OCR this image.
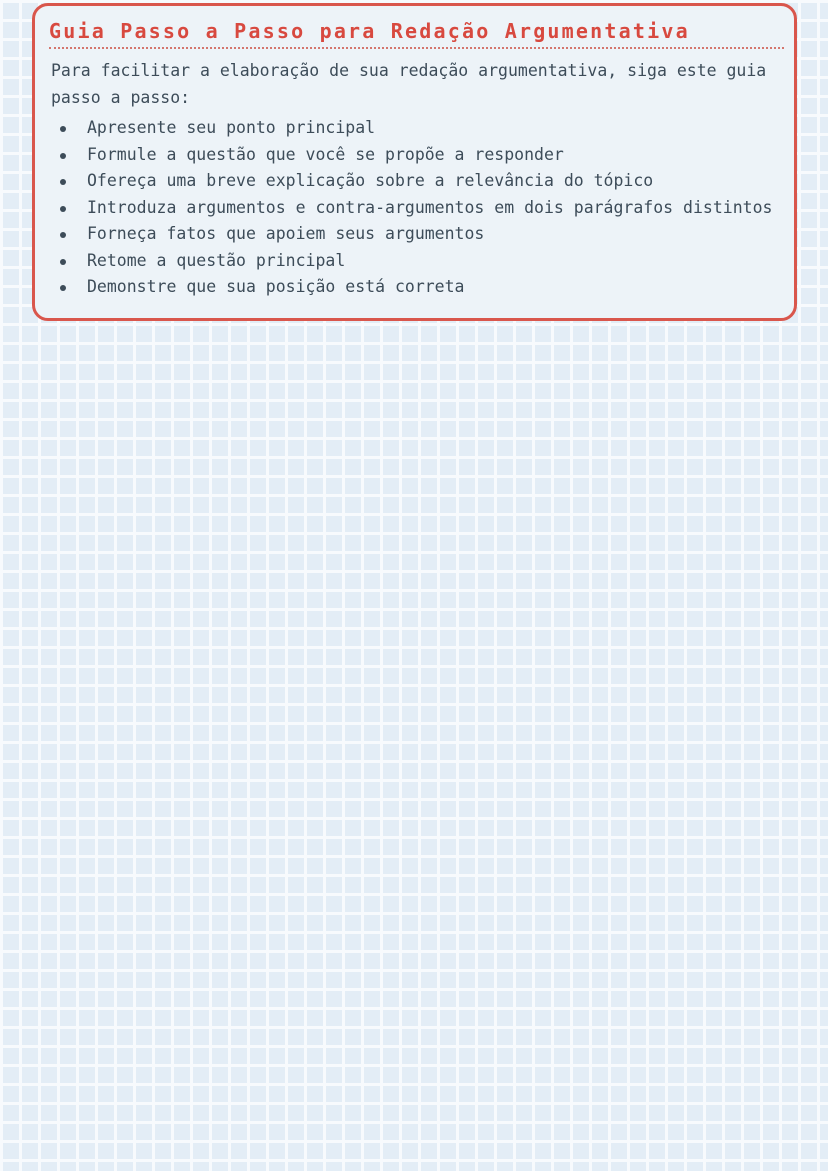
Guia Passo a Passo para Redação Argumentativa

Para facilitar a elaboração de sua redação argumentativa, siga este guia passo a passo:

Apresente seu ponto principal
Formule a questão que você se propõe a responder
Ofereça uma breve explicação sobre a relevância do tópico
Introduza argumentos e contra-argumentos em dois parágrafos distintos
Forneça fatos que apoiem seus argumentos
Retome a questão principal
Demonstre que sua posição está correta
